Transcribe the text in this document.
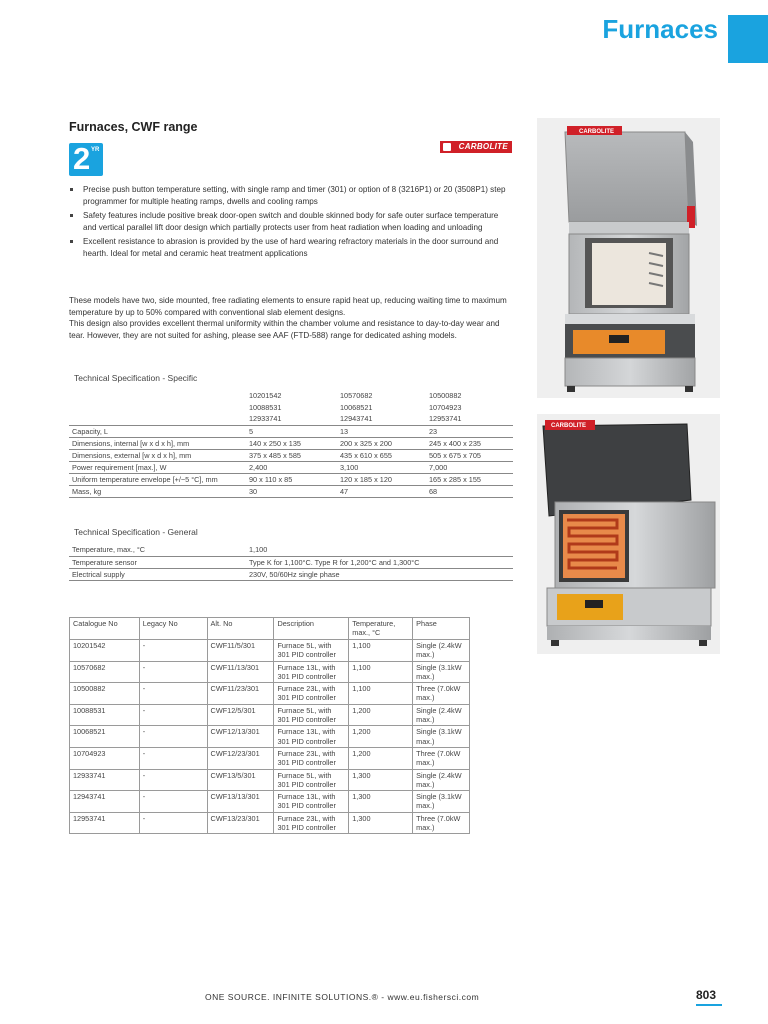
Furnaces
Furnaces, CWF range
2 YR	CARBOLITE
Precise push button temperature setting, with single ramp and timer (301) or option of 8 (3216P1) or 20 (3508P1) step programmer for multiple heating ramps, dwells and cooling ramps
Safety features include positive break door-open switch and double skinned body for safe outer surface temperature and vertical parallel lift door design which partially protects user from heat radiation when loading and unloading
Excellent resistance to abrasion is provided by the use of hard wearing refractory materials in the door surround and hearth. Ideal for metal and ceramic heat treatment applications

These models have two, side mounted, free radiating elements to ensure rapid heat up, reducing waiting time to maximum temperature by up to 50% compared with conventional slab element designs.

This design also provides excellent thermal uniformity within the chamber volume and resistance to day-to-day wear and tear. However, they are not suited for ashing, please see AAF (FTD-588) range for dedicated ashing models.

Technical Specification - Specific
	10201542	10570682	10500882
	10088531	10068521	10704923
	12933741	12943741	12953741
Capacity, L	5	13	23
Dimensions, internal [w x d x h], mm	140 x 250 x 135	200 x 325 x 200	245 x 400 x 235
Dimensions, external [w x d x h], mm	375 x 485 x 585	435 x 610 x 655	505 x 675 x 705
Power requirement [max.], W	2,400	3,100	7,000
Uniform temperature envelope [+/−5 °C], mm	90 x 110 x 85	120 x 185 x 120	165 x 285 x 155
Mass, kg	30	47	68
Technical Specification - General
Temperature, max., °C	1,100
Temperature sensor	Type K for 1,100°C. Type R for 1,200°C and 1,300°C
Electrical supply	230V, 50/60Hz single phase
Catalogue No	Legacy No	Alt. No	Description	Temperature, max., °C	Phase
10201542	-	CWF11/5/301	Furnace 5L, with 301 PID controller	1,100	Single (2.4kW max.)
10570682	-	CWF11/13/301	Furnace 13L, with 301 PID controller	1,100	Single (3.1kW max.)
10500882	-	CWF11/23/301	Furnace 23L, with 301 PID controller	1,100	Three (7.0kW max.)
10088531	-	CWF12/5/301	Furnace 5L, with 301 PID controller	1,200	Single (2.4kW max.)
10068521	-	CWF12/13/301	Furnace 13L, with 301 PID controller	1,200	Single (3.1kW max.)
10704923	-	CWF12/23/301	Furnace 23L, with 301 PID controller	1,200	Three (7.0kW max.)
12933741	-	CWF13/5/301	Furnace 5L, with 301 PID controller	1,300	Single (2.4kW max.)
12943741	-	CWF13/13/301	Furnace 13L, with 301 PID controller	1,300	Single (3.1kW max.)
12953741	-	CWF13/23/301	Furnace 23L, with 301 PID controller	1,300	Three (7.0kW max.)
CARBOLITE
CARBOLITE
ONE SOURCE. INFINITE SOLUTIONS.® - www.eu.fishersci.com	803
